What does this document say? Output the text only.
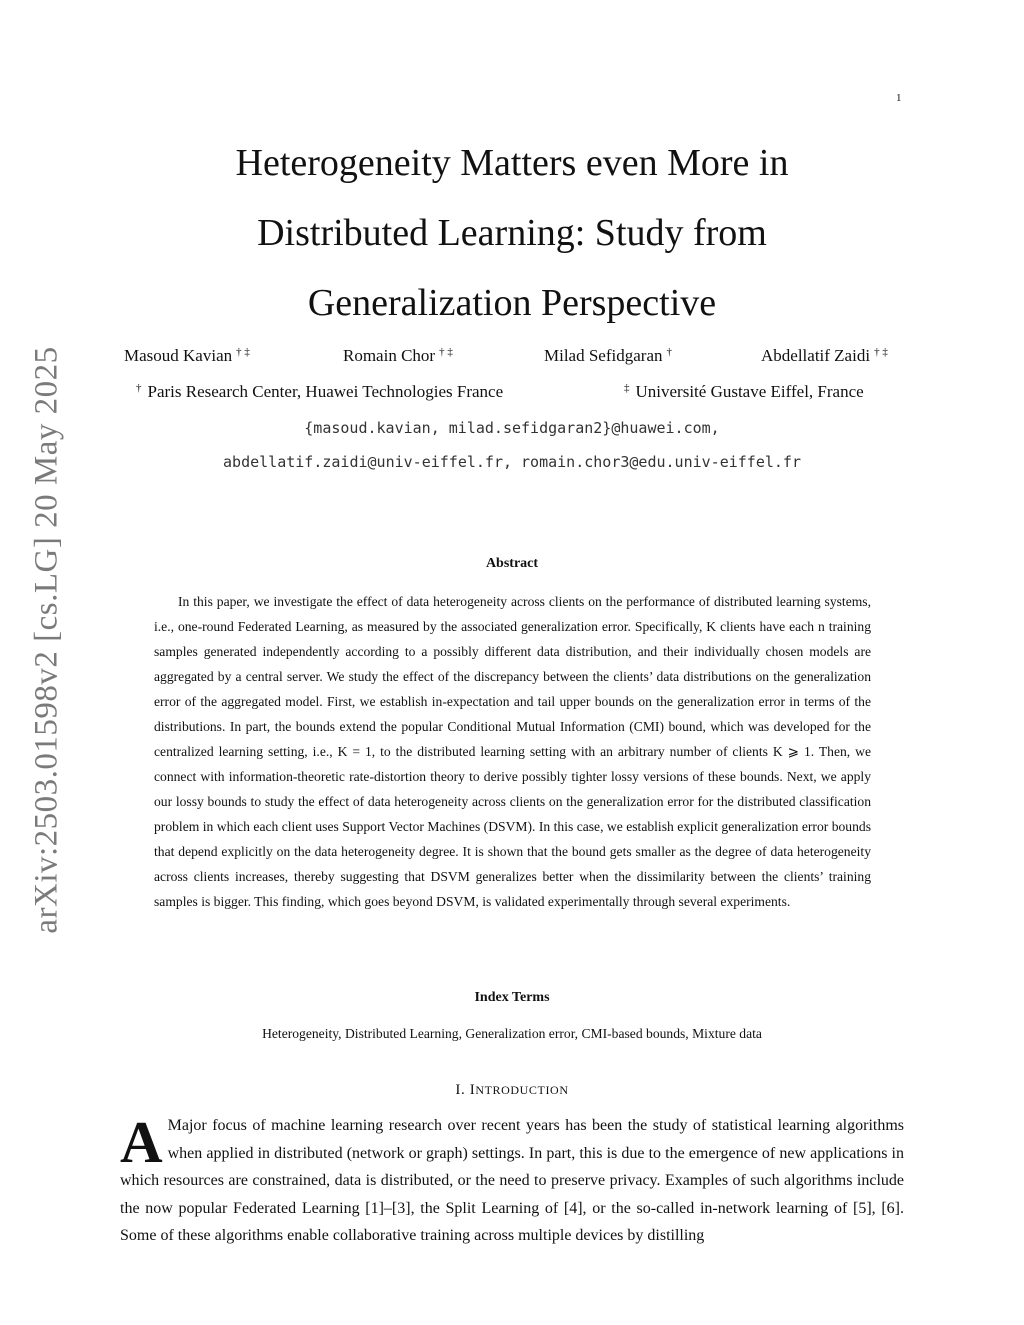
1
arXiv:2503.01598v2 [cs.LG] 20 May 2025
Heterogeneity Matters even More in
Distributed Learning: Study from
Generalization Perspective
Masoud Kavian † ‡	Romain Chor † ‡	Milad Sefidgaran †	Abdellatif Zaidi † ‡
† Paris Research Center, Huawei Technologies France	‡ Université Gustave Eiffel, France
{masoud.kavian, milad.sefidgaran2}@huawei.com,
abdellatif.zaidi@univ-eiffel.fr, romain.chor3@edu.univ-eiffel.fr
Abstract

In this paper, we investigate the effect of data heterogeneity across clients on the performance of distributed learning systems, i.e., one-round Federated Learning, as measured by the associated generalization error. Specifically, K clients have each n training samples generated independently according to a possibly different data distribution, and their individually chosen models are aggregated by a central server. We study the effect of the discrepancy between the clients’ data distributions on the generalization error of the aggregated model. First, we establish in-expectation and tail upper bounds on the generalization error in terms of the distributions. In part, the bounds extend the popular Conditional Mutual Information (CMI) bound, which was developed for the centralized learning setting, i.e., K = 1, to the distributed learning setting with an arbitrary number of clients K ⩾ 1. Then, we connect with information-theoretic rate-distortion theory to derive possibly tighter lossy versions of these bounds. Next, we apply our lossy bounds to study the effect of data heterogeneity across clients on the generalization error for the distributed classification problem in which each client uses Support Vector Machines (DSVM). In this case, we establish explicit generalization error bounds that depend explicitly on the data heterogeneity degree. It is shown that the bound gets smaller as the degree of data heterogeneity across clients increases, thereby suggesting that DSVM generalizes better when the dissimilarity between the clients’ training samples is bigger. This finding, which goes beyond DSVM, is validated experimentally through several experiments.

Index Terms
Heterogeneity, Distributed Learning, Generalization error, CMI-based bounds, Mixture data
I. INTRODUCTION

A Major focus of machine learning research over recent years has been the study of statistical learning algorithms when applied in distributed (network or graph) settings. In part, this is due to the emergence of new applications in which resources are constrained, data is distributed, or the need to preserve privacy. Examples of such algorithms include the now popular Federated Learning [1]–[3], the Split Learning of [4], or the so-called in-network learning of [5], [6]. Some of these algorithms enable collaborative training across multiple devices by distilling
